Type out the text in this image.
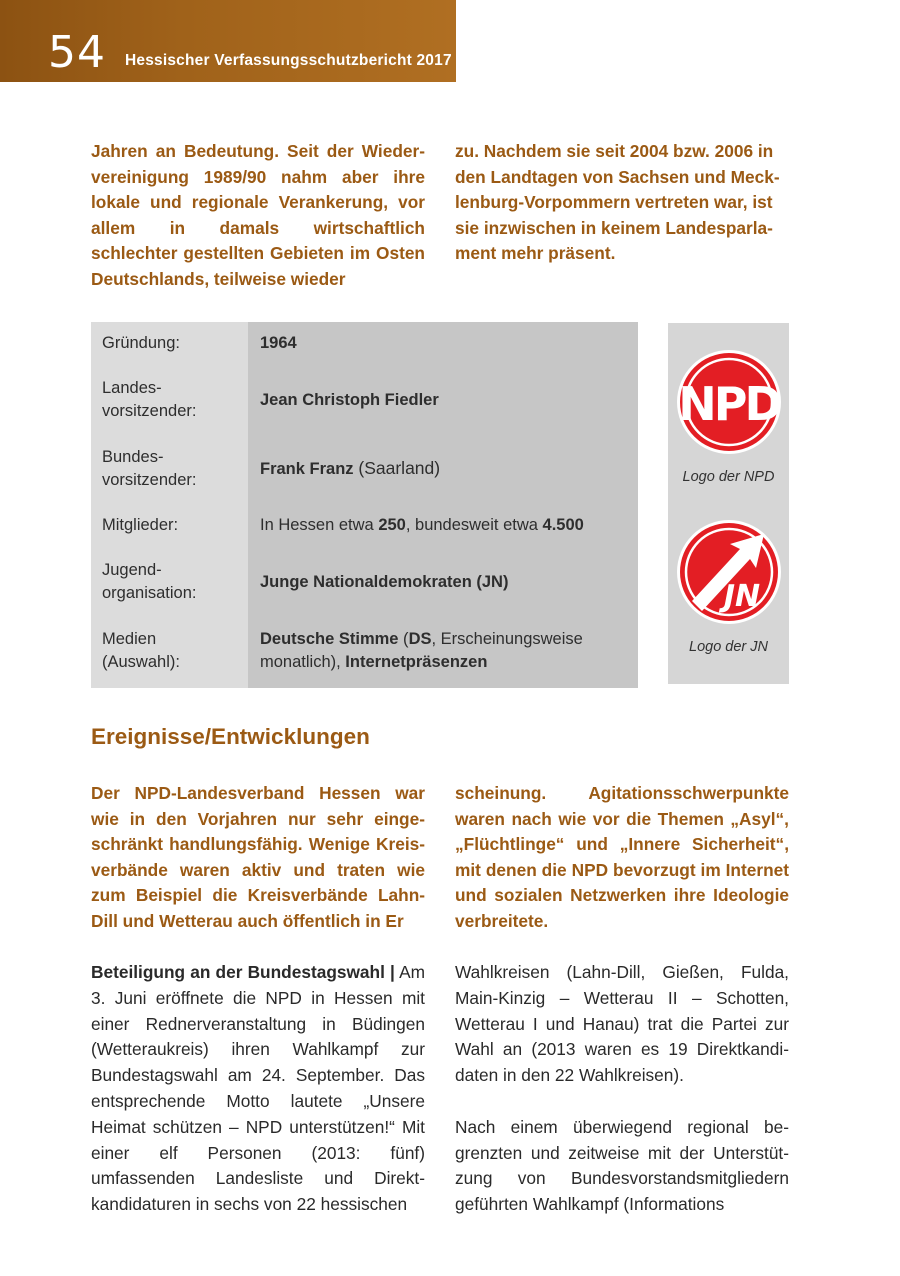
54 Hessischer Verfassungsschutzbericht 2017

Jahren an Bedeutung. Seit der Wiedervereinigung 1989/90 nahm aber ihre lokale und regionale Verankerung, vor allem in damals wirtschaftlich schlechter gestellten Gebieten im Osten Deutschlands, teilweise wieder

zu. Nachdem sie seit 2004 bzw. 2006 in den Landtagen von Sachsen und Mecklenburg-Vorpommern vertreten war, ist sie inzwischen in keinem Landesparlament mehr präsent.

Gründung:	1964
Landes-
vorsitzender:
Jean Christoph Fiedler
Bundes-
vorsitzender:
Frank Franz (Saarland)
Mitglieder:	In Hessen etwa 250, bundesweit etwa 4.500
Jugend-
organisation:
Junge Nationaldemokraten (JN)
Medien
(Auswahl):
Deutsche Stimme (DS, Erscheinungsweise monatlich), Internetpräsenzen
NPD
JN
Logo der NPD
Logo der JN
Ereignisse/Entwicklungen

Der NPD-Landesverband Hessen war wie in den Vorjahren nur sehr eingeschränkt handlungsfähig. Wenige Kreisverbände waren aktiv und traten wie zum Beispiel die Kreisverbände Lahn-Dill und Wetterau auch öffentlich in Er

scheinung. Agitationsschwerpunkte waren nach wie vor die Themen „Asyl“, „Flüchtlinge“ und „Innere Sicherheit“, mit denen die NPD bevorzugt im Internet und sozialen Netzwerken ihre Ideologie verbreitete.

Beteiligung an der Bundestagswahl | Am 3. Juni eröffnete die NPD in Hessen mit einer Rednerveranstaltung in Büdingen (Wetteraukreis) ihren Wahlkampf zur Bundestagswahl am 24. September. Das entsprechende Motto lautete „Unsere Heimat schützen – NPD unterstützen!“ Mit einer elf Personen (2013: fünf) umfassenden Landesliste und Direktkandidaturen in sechs von 22 hessischen

Wahlkreisen (Lahn-Dill, Gießen, Fulda, Main-Kinzig – Wetterau II – Schotten, Wetterau I und Hanau) trat die Partei zur Wahl an (2013 waren es 19 Direktkandidaten in den 22 Wahlkreisen).

Nach einem überwiegend regional begrenzten und zeitweise mit der Unterstützung von Bundesvorstandsmitgliedern geführten Wahlkampf (Informations
